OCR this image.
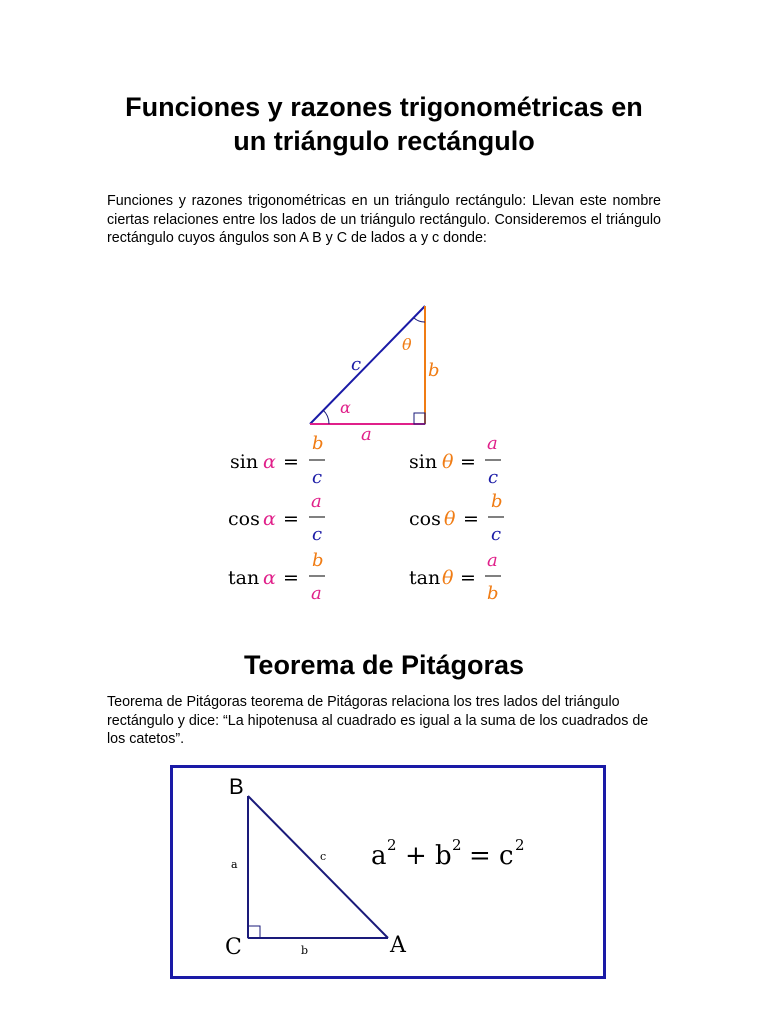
Funciones y razones trigonométricas en
un triángulo rectángulo
Funciones y razones trigonométricas en un triángulo rectángulo: Llevan este nombre ciertas relaciones entre los lados de un triángulo rectángulo. Consideremos el triángulo rectángulo cuyos ángulos son A B y C de lados a y c donde:
c	b
a
α
θ
sin α =
b
c
cos α =
a
c
tan α =
b
a
sin θ =
a
c
cos θ =
b
c
tan θ =
a
b
Teorema de Pitágoras
Teorema de Pitágoras teorema de Pitágoras relaciona los tres lados del triángulo rectángulo y dice: “La hipotenusa al cuadrado es igual a la suma de los cuadrados de los catetos”.
B
C	A
a
b
c a 2 + b 2 = c 2
